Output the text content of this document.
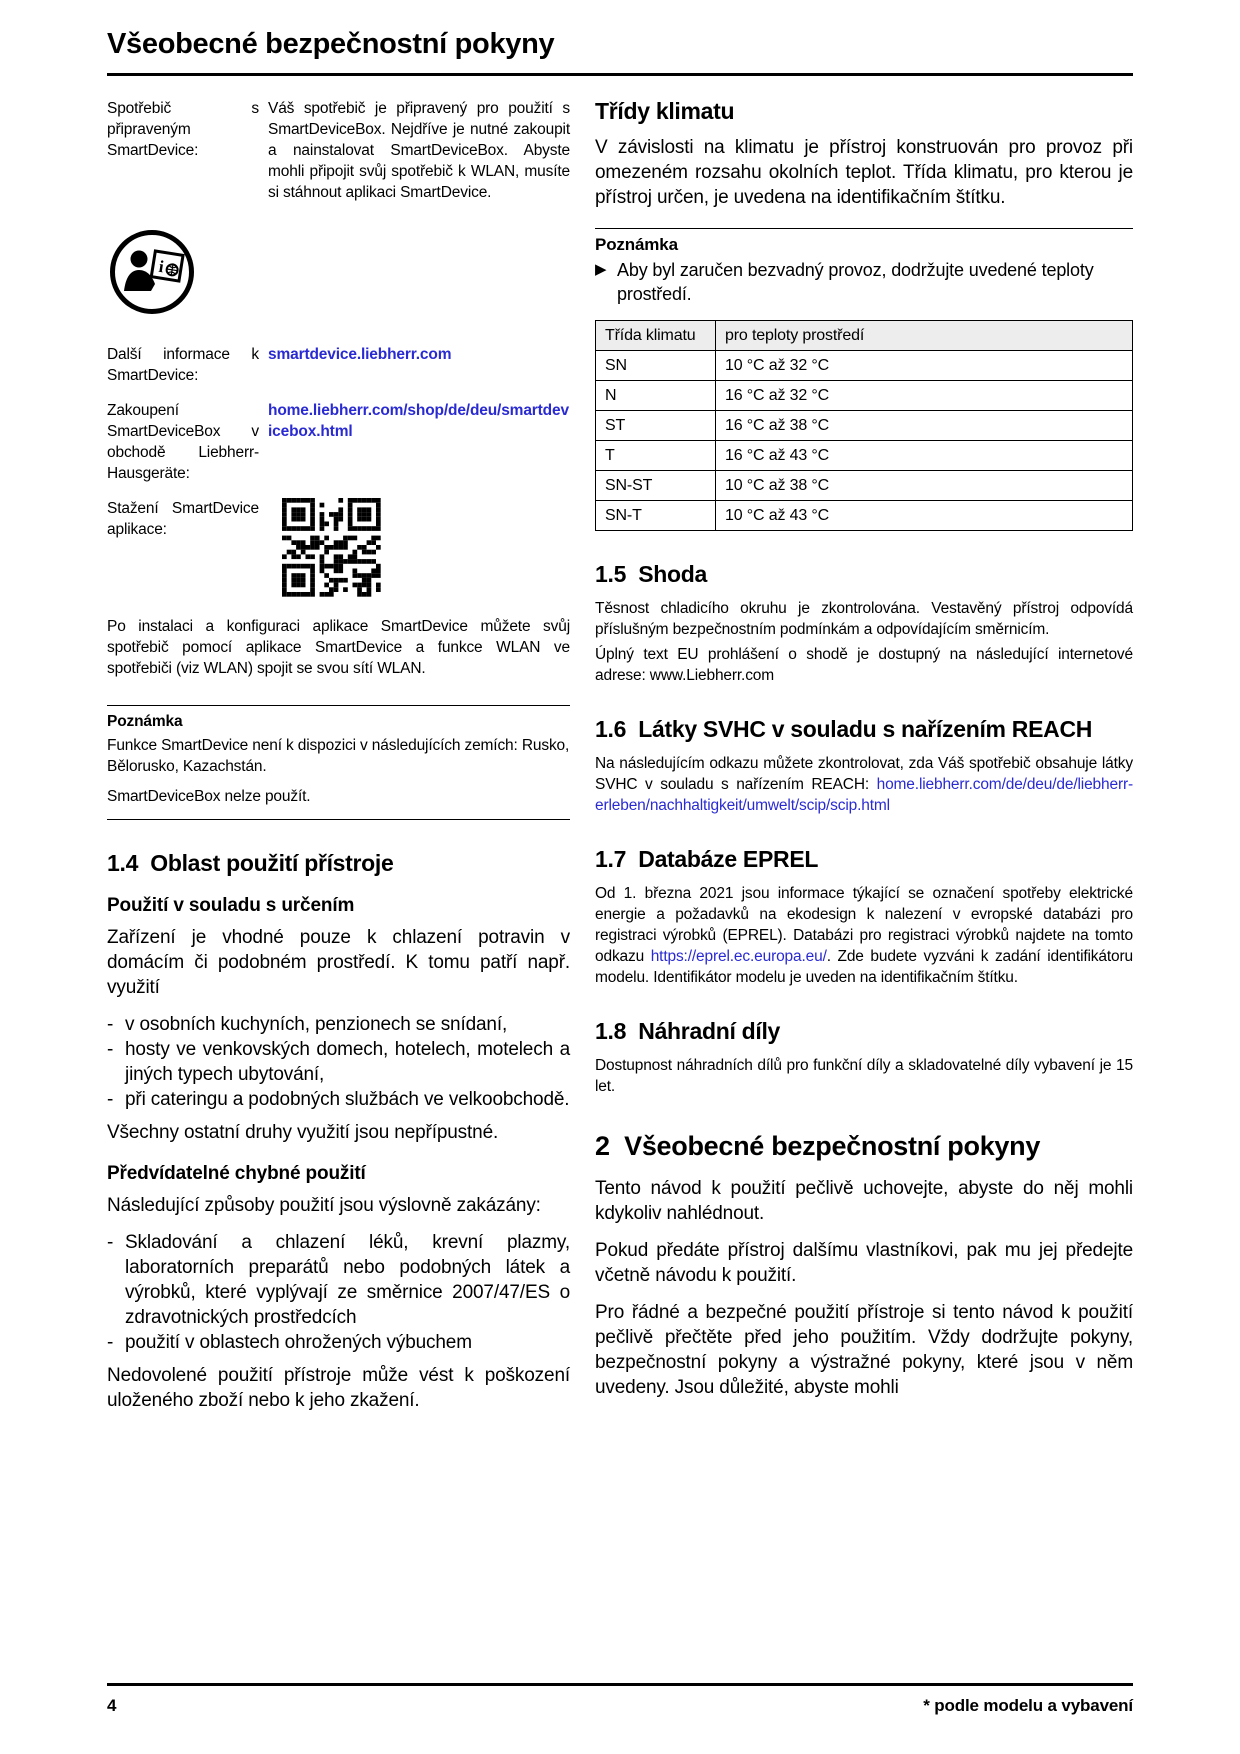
Všeobecné bezpečnostní pokyny
Spotřebič s připraveným SmartDevice:
Váš spotřebič je připravený pro použití s SmartDeviceBox. Nejdříve je nutné zakoupit a nainstalovat SmartDeviceBox. Abyste mohli připojit svůj spotřebič k WLAN, musíte si stáhnout aplikaci SmartDevice.
i
Další informace k SmartDevice:
smartdevice.liebherr.com
Zakoupení SmartDeviceBox v obchodě Liebherr-Hausgeräte:
home.liebherr.com/shop/de/deu/smartdevicebox.html
Stažení SmartDevice aplikace:

Po instalaci a konfiguraci aplikace SmartDevice můžete svůj spotřebič pomocí aplikace SmartDevice a funkce WLAN ve spotřebiči (viz WLAN) spojit se svou sítí WLAN.

Poznámka

Funkce SmartDevice není k dispozici v následujících zemích: Rusko, Bělorusko, Kazachstán.

SmartDeviceBox nelze použít.

1.4  Oblast použití přístroje
Použití v souladu s určením

Zařízení je vhodné pouze k chlazení potravin v domácím či podobném prostředí. K tomu patří např. využití

-
v osobních kuchyních, penzionech se snídaní,
-
hosty ve venkovských domech, hotelech, motelech a jiných typech ubytování,
-
při cateringu a podobných službách ve velkoobchodě.

Všechny ostatní druhy využití jsou nepřípustné.

Předvídatelné chybné použití

Následující způsoby použití jsou výslovně zakázány:

-
Skladování a chlazení léků, krevní plazmy, laboratorních preparátů nebo podobných látek a výrobků, které vyplývají ze směrnice 2007/47/ES o zdravotnických prostředcích
-
použití v oblastech ohrožených výbuchem

Nedovolené použití přístroje může vést k poškození uloženého zboží nebo k jeho zkažení.

Třídy klimatu

V závislosti na klimatu je přístroj konstruován pro provoz při omezeném rozsahu okolních teplot. Třída klimatu, pro kterou je přístroj určen, je uvedena na identifikačním štítku.

Poznámka
▶
Aby byl zaručen bezvadný provoz, dodržujte uvedené teploty prostředí.
Třída klimatu	pro teploty prostředí
SN	10 °C až 32 °C
N	16 °C až 32 °C
ST	16 °C až 38 °C
T	16 °C až 43 °C
SN-ST	10 °C až 38 °C
SN-T	10 °C až 43 °C
1.5  Shoda

Těsnost chladicího okruhu je zkontrolována. Vestavěný přístroj odpovídá příslušným bezpečnostním podmínkám a odpovídajícím směrnicím.

Úplný text EU prohlášení o shodě je dostupný na následující internetové adrese: www.Liebherr.com

1.6  Látky SVHC v souladu s nařízením REACH

Na následujícím odkazu můžete zkontrolovat, zda Váš spotřebič obsahuje látky SVHC v souladu s nařízením REACH: home.liebherr.com/de/deu/de/liebherr-erleben/nachhaltigkeit/umwelt/scip/scip.html

1.7  Databáze EPREL

Od 1. března 2021 jsou informace týkající se označení spotřeby elektrické energie a požadavků na ekodesign k nalezení v evropské databázi pro registraci výrobků (EPREL). Databázi pro registraci výrobků najdete na tomto odkazu https://eprel.ec.europa.eu/. Zde budete vyzváni k zadání identifikátoru modelu. Identifikátor modelu je uveden na identifikačním štítku.

1.8  Náhradní díly

Dostupnost náhradních dílů pro funkční díly a skladovatelné díly vybavení je 15 let.

2  Všeobecné bezpečnostní pokyny

Tento návod k použití pečlivě uchovejte, abyste do něj mohli kdykoliv nahlédnout.

Pokud předáte přístroj dalšímu vlastníkovi, pak mu jej předejte včetně návodu k použití.

Pro řádné a bezpečné použití přístroje si tento návod k použití pečlivě přečtěte před jeho použitím. Vždy dodržujte pokyny, bezpečnostní pokyny a výstražné pokyny, které jsou v něm uvedeny. Jsou důležité, abyste mohli

4	* podle modelu a vybavení
